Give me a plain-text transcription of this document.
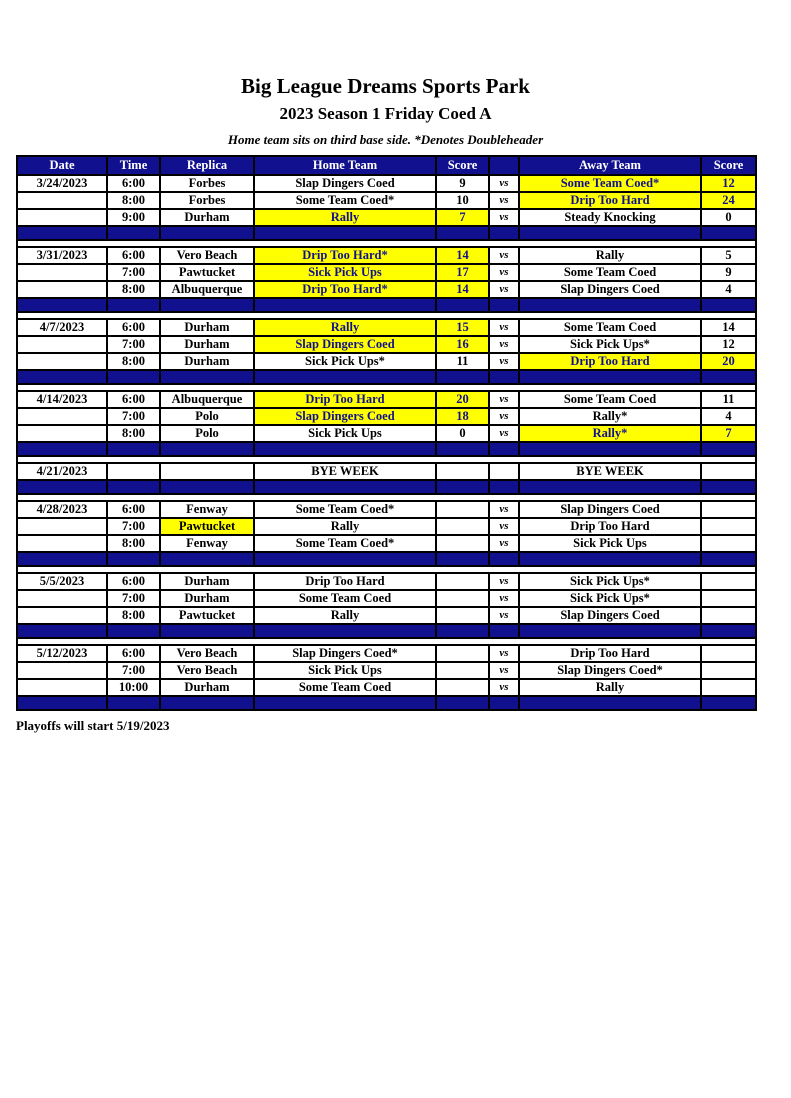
Big League Dreams Sports Park
2023 Season 1 Friday Coed A
Home team sits on third base side. *Denotes Doubleheader
Date	Time	Replica	Home Team	Score		Away Team	Score
3/24/2023	6:00	Forbes	Slap Dingers Coed	9	vs	Some Team Coed*	12
	8:00	Forbes	Some Team Coed*	10	vs	Drip Too Hard	24
	9:00	Durham	Rally	7	vs	Steady Knocking	0

3/31/2023	6:00	Vero Beach	Drip Too Hard*	14	vs	Rally	5
	7:00	Pawtucket	Sick Pick Ups	17	vs	Some Team Coed	9
	8:00	Albuquerque	Drip Too Hard*	14	vs	Slap Dingers Coed	4

4/7/2023	6:00	Durham	Rally	15	vs	Some Team Coed	14
	7:00	Durham	Slap Dingers Coed	16	vs	Sick Pick Ups*	12
	8:00	Durham	Sick Pick Ups*	11	vs	Drip Too Hard	20

4/14/2023	6:00	Albuquerque	Drip Too Hard	20	vs	Some Team Coed	11
	7:00	Polo	Slap Dingers Coed	18	vs	Rally*	4
	8:00	Polo	Sick Pick Ups	0	vs	Rally*	7

4/21/2023			BYE WEEK			BYE WEEK	

4/28/2023	6:00	Fenway	Some Team Coed*		vs	Slap Dingers Coed	
	7:00	Pawtucket	Rally		vs	Drip Too Hard	
	8:00	Fenway	Some Team Coed*		vs	Sick Pick Ups	

5/5/2023	6:00	Durham	Drip Too Hard		vs	Sick Pick Ups*	
	7:00	Durham	Some Team Coed		vs	Sick Pick Ups*	
	8:00	Pawtucket	Rally		vs	Slap Dingers Coed	

5/12/2023	6:00	Vero Beach	Slap Dingers Coed*		vs	Drip Too Hard	
	7:00	Vero Beach	Sick Pick Ups		vs	Slap Dingers Coed*	
	10:00	Durham	Some Team Coed		vs	Rally	

Playoffs will start 5/19/2023
